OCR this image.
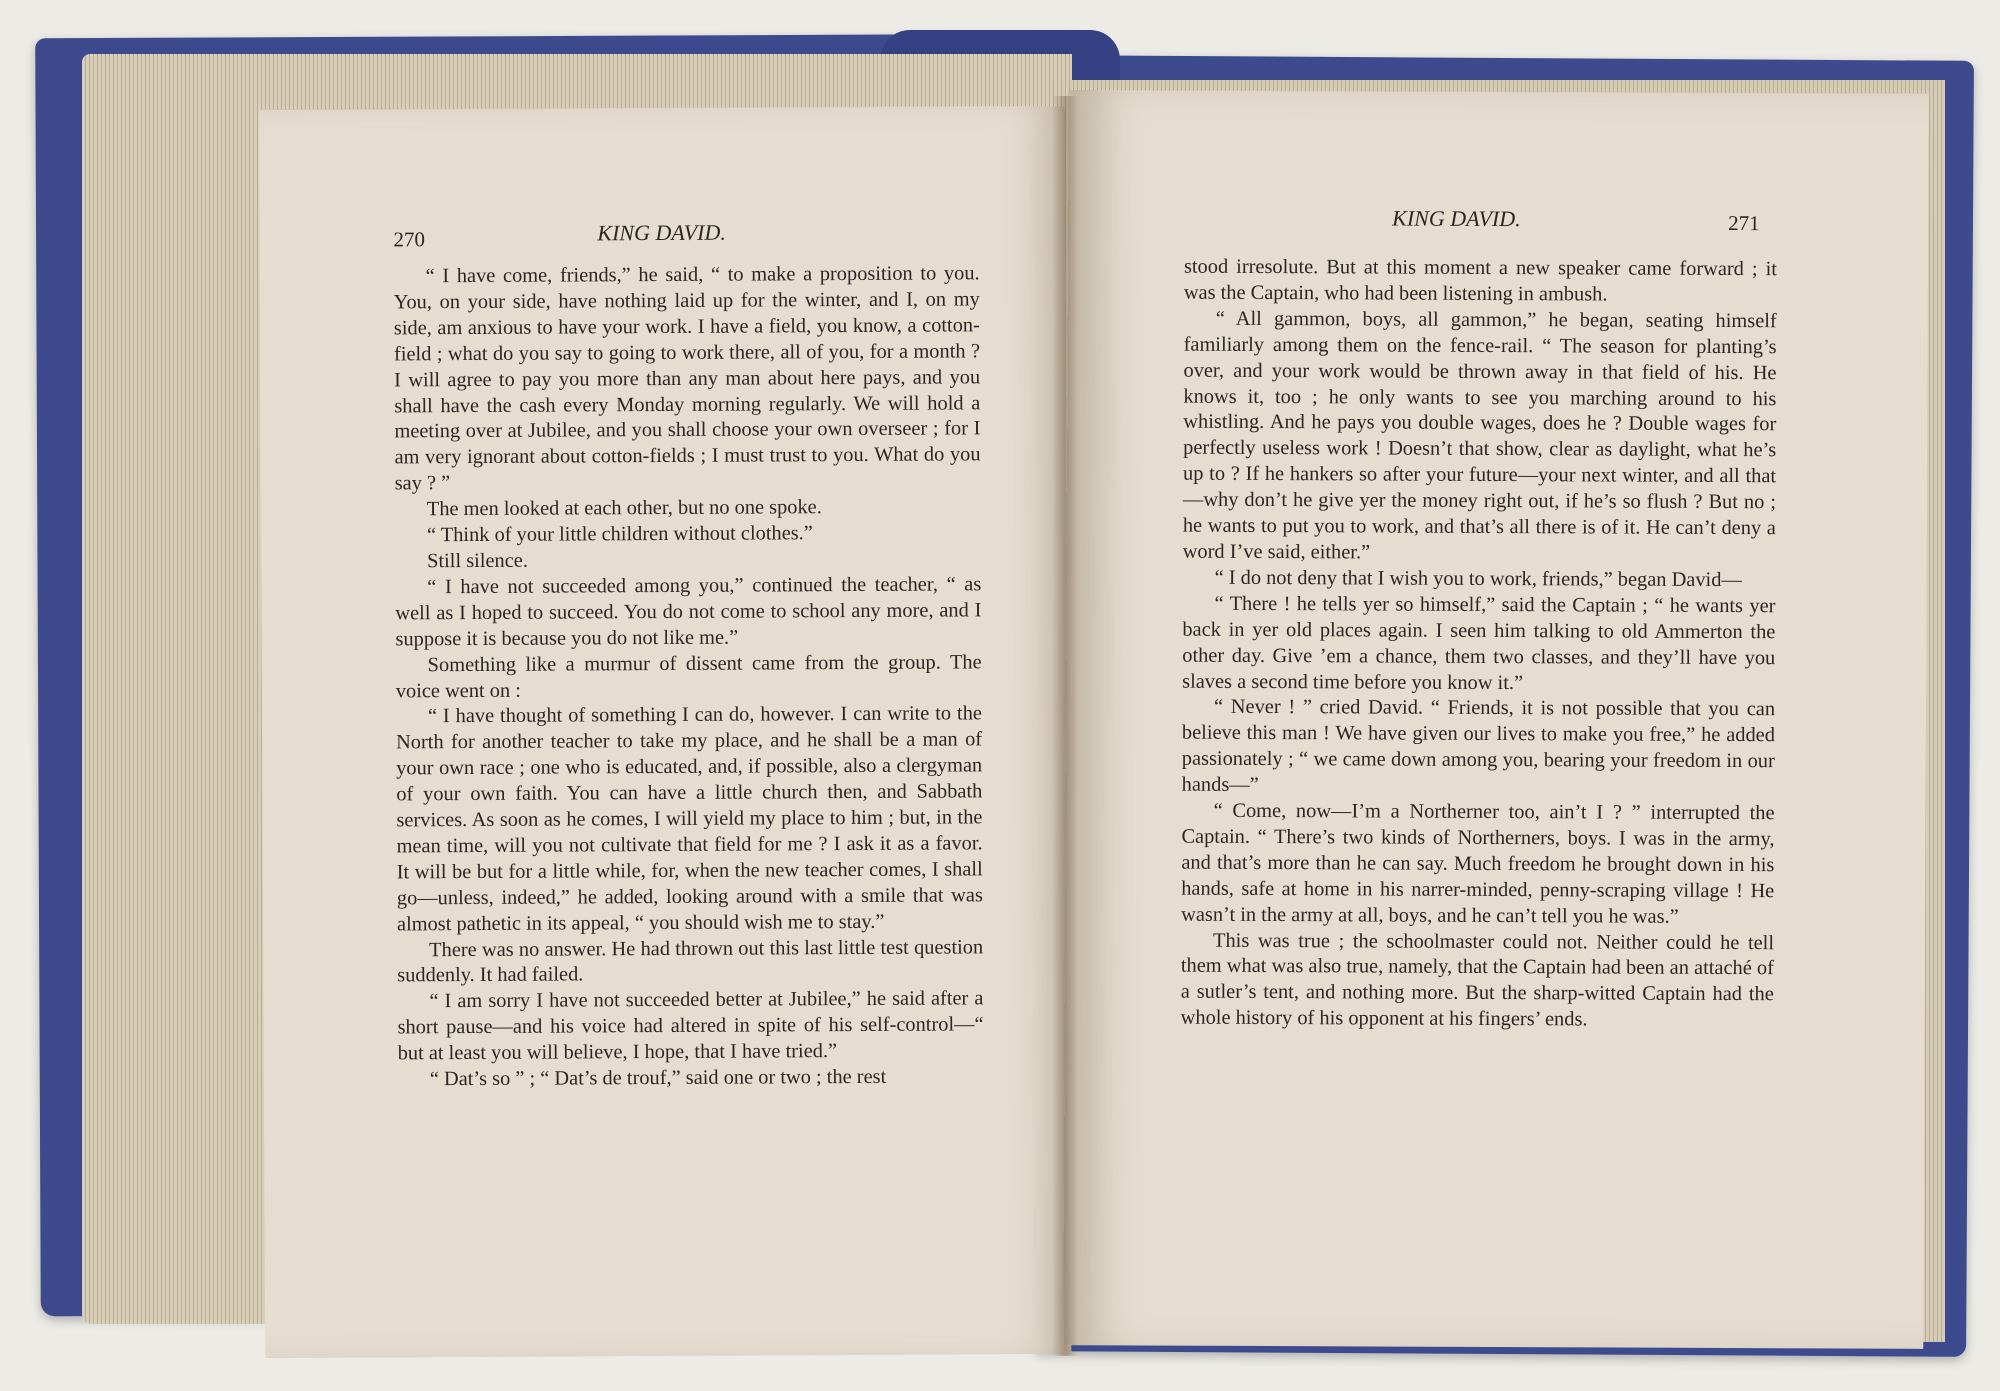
270	KING DAVID.

“ I have come, friends,” he said, “ to make a proposition to you. You, on your side, have nothing laid up for the winter, and I, on my side, am anxious to have your work. I have a field, you know, a cotton-field ; what do you say to going to work there, all of you, for a month ? I will agree to pay you more than any man about here pays, and you shall have the cash every Monday morning regularly. We will hold a meeting over at Jubilee, and you shall choose your own overseer ; for I am very ignorant about cotton-fields ; I must trust to you. What do you say ? ”

The men looked at each other, but no one spoke.

“ Think of your little children without clothes.”

Still silence.

“ I have not succeeded among you,” continued the teacher, “ as well as I hoped to succeed. You do not come to school any more, and I suppose it is because you do not like me.”

Something like a murmur of dissent came from the group. The voice went on :

“ I have thought of something I can do, however. I can write to the North for another teacher to take my place, and he shall be a man of your own race ; one who is educated, and, if possible, also a clergyman of your own faith. You can have a little church then, and Sabbath services. As soon as he comes, I will yield my place to him ; but, in the mean time, will you not cultivate that field for me ? I ask it as a favor. It will be but for a little while, for, when the new teacher comes, I shall go—unless, indeed,” he added, looking around with a smile that was almost pathetic in its appeal, “ you should wish me to stay.”

There was no answer. He had thrown out this last little test question suddenly. It had failed.

“ I am sorry I have not succeeded better at Jubilee,” he said after a short pause—and his voice had altered in spite of his self-control—“ but at least you will believe, I hope, that I have tried.”

“ Dat’s so ” ; “ Dat’s de trouf,” said one or two ; the rest

KING DAVID.	271

stood irresolute. But at this moment a new speaker came forward ; it was the Captain, who had been listening in ambush.

“ All gammon, boys, all gammon,” he began, seating himself familiarly among them on the fence-rail. “ The season for planting’s over, and your work would be thrown away in that field of his. He knows it, too ; he only wants to see you marching around to his whistling. And he pays you double wages, does he ? Double wages for perfectly useless work ! Doesn’t that show, clear as daylight, what he’s up to ? If he hankers so after your future—your next winter, and all that—why don’t he give yer the money right out, if he’s so flush ? But no ; he wants to put you to work, and that’s all there is of it. He can’t deny a word I’ve said, either.”

“ I do not deny that I wish you to work, friends,” began David—

“ There ! he tells yer so himself,” said the Captain ; “ he wants yer back in yer old places again. I seen him talking to old Ammerton the other day. Give ’em a chance, them two classes, and they’ll have you slaves a second time before you know it.”

“ Never ! ” cried David. “ Friends, it is not possible that you can believe this man ! We have given our lives to make you free,” he added passionately ; “ we came down among you, bearing your freedom in our hands—”

“ Come, now—I’m a Northerner too, ain’t I ? ” interrupted the Captain. “ There’s two kinds of Northerners, boys. I was in the army, and that’s more than he can say. Much freedom he brought down in his hands, safe at home in his narrer-minded, penny-scraping village ! He wasn’t in the army at all, boys, and he can’t tell you he was.”

This was true ; the schoolmaster could not. Neither could he tell them what was also true, namely, that the Captain had been an attaché of a sutler’s tent, and nothing more. But the sharp-witted Captain had the whole history of his opponent at his fingers’ ends.
